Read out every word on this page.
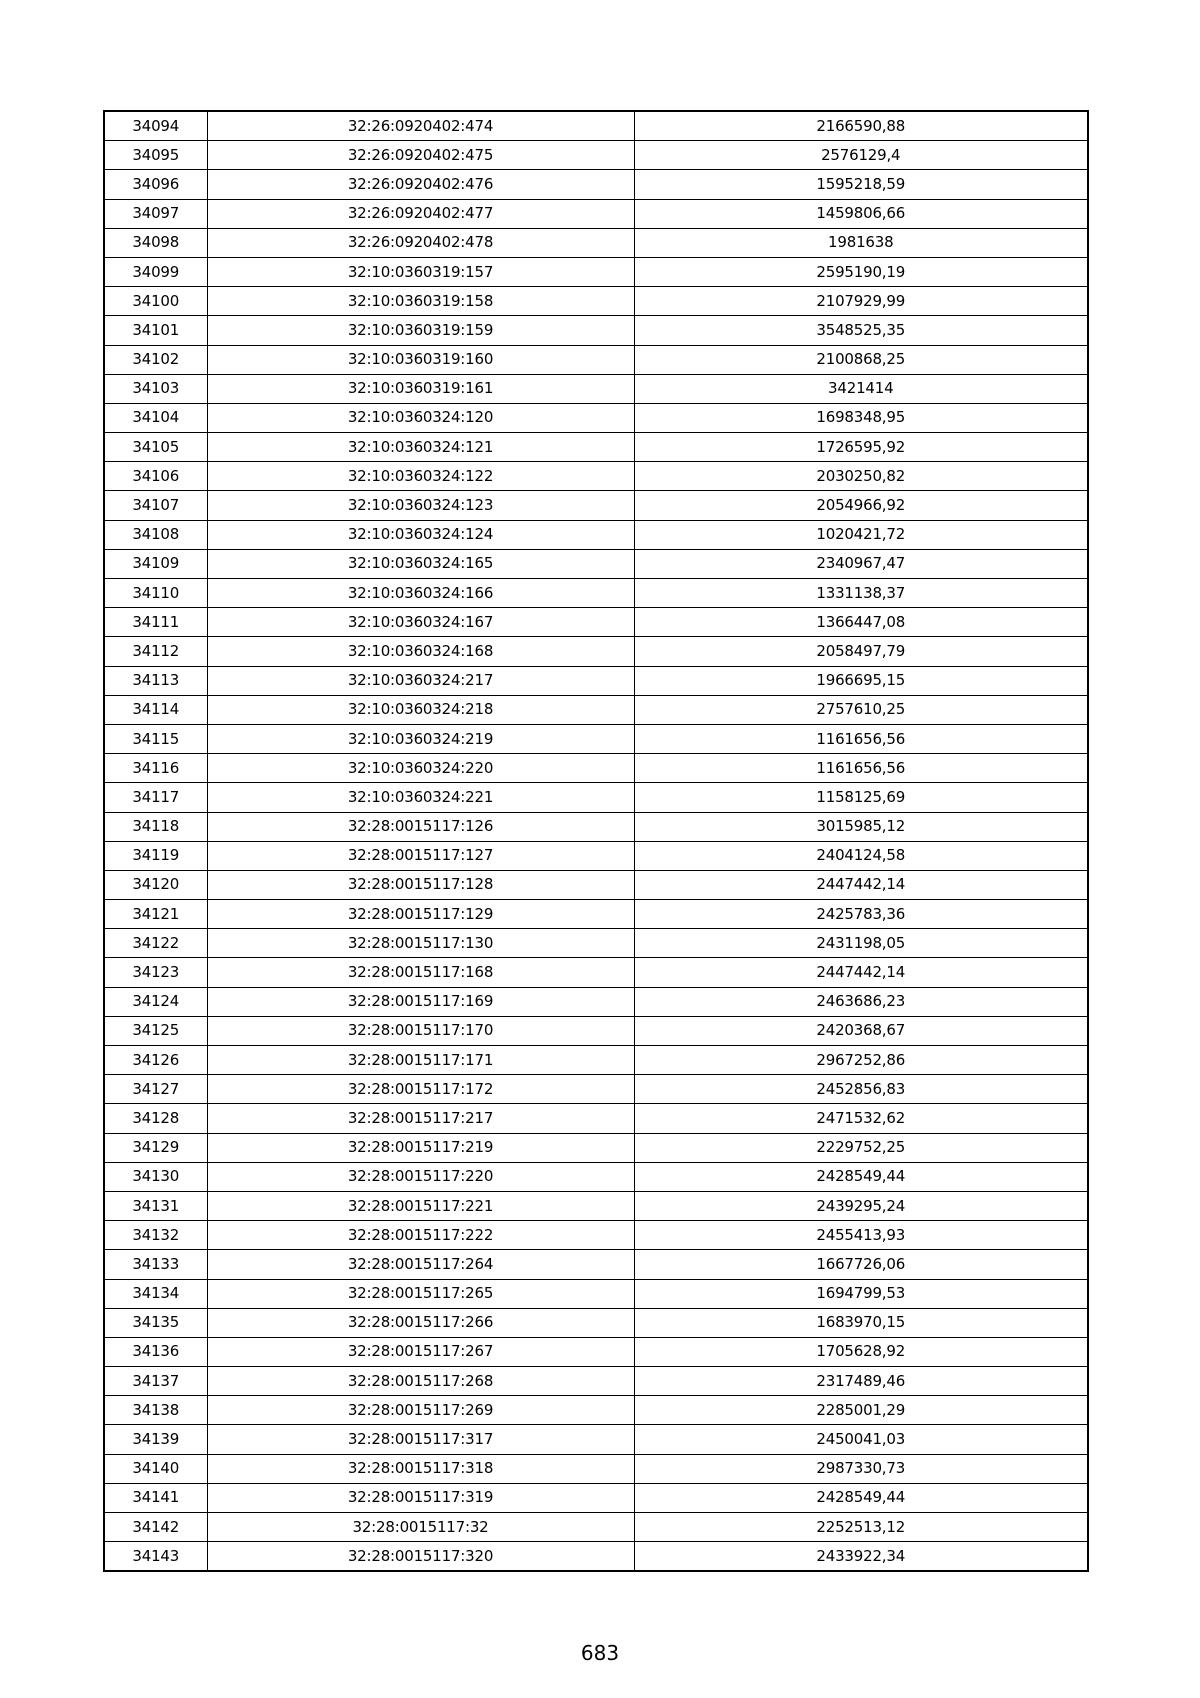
34094	32:26:0920402:474	2166590,88
34095	32:26:0920402:475	2576129,4
34096	32:26:0920402:476	1595218,59
34097	32:26:0920402:477	1459806,66
34098	32:26:0920402:478	1981638
34099	32:10:0360319:157	2595190,19
34100	32:10:0360319:158	2107929,99
34101	32:10:0360319:159	3548525,35
34102	32:10:0360319:160	2100868,25
34103	32:10:0360319:161	3421414
34104	32:10:0360324:120	1698348,95
34105	32:10:0360324:121	1726595,92
34106	32:10:0360324:122	2030250,82
34107	32:10:0360324:123	2054966,92
34108	32:10:0360324:124	1020421,72
34109	32:10:0360324:165	2340967,47
34110	32:10:0360324:166	1331138,37
34111	32:10:0360324:167	1366447,08
34112	32:10:0360324:168	2058497,79
34113	32:10:0360324:217	1966695,15
34114	32:10:0360324:218	2757610,25
34115	32:10:0360324:219	1161656,56
34116	32:10:0360324:220	1161656,56
34117	32:10:0360324:221	1158125,69
34118	32:28:0015117:126	3015985,12
34119	32:28:0015117:127	2404124,58
34120	32:28:0015117:128	2447442,14
34121	32:28:0015117:129	2425783,36
34122	32:28:0015117:130	2431198,05
34123	32:28:0015117:168	2447442,14
34124	32:28:0015117:169	2463686,23
34125	32:28:0015117:170	2420368,67
34126	32:28:0015117:171	2967252,86
34127	32:28:0015117:172	2452856,83
34128	32:28:0015117:217	2471532,62
34129	32:28:0015117:219	2229752,25
34130	32:28:0015117:220	2428549,44
34131	32:28:0015117:221	2439295,24
34132	32:28:0015117:222	2455413,93
34133	32:28:0015117:264	1667726,06
34134	32:28:0015117:265	1694799,53
34135	32:28:0015117:266	1683970,15
34136	32:28:0015117:267	1705628,92
34137	32:28:0015117:268	2317489,46
34138	32:28:0015117:269	2285001,29
34139	32:28:0015117:317	2450041,03
34140	32:28:0015117:318	2987330,73
34141	32:28:0015117:319	2428549,44
34142	32:28:0015117:32	2252513,12
34143	32:28:0015117:320	2433922,34
683
